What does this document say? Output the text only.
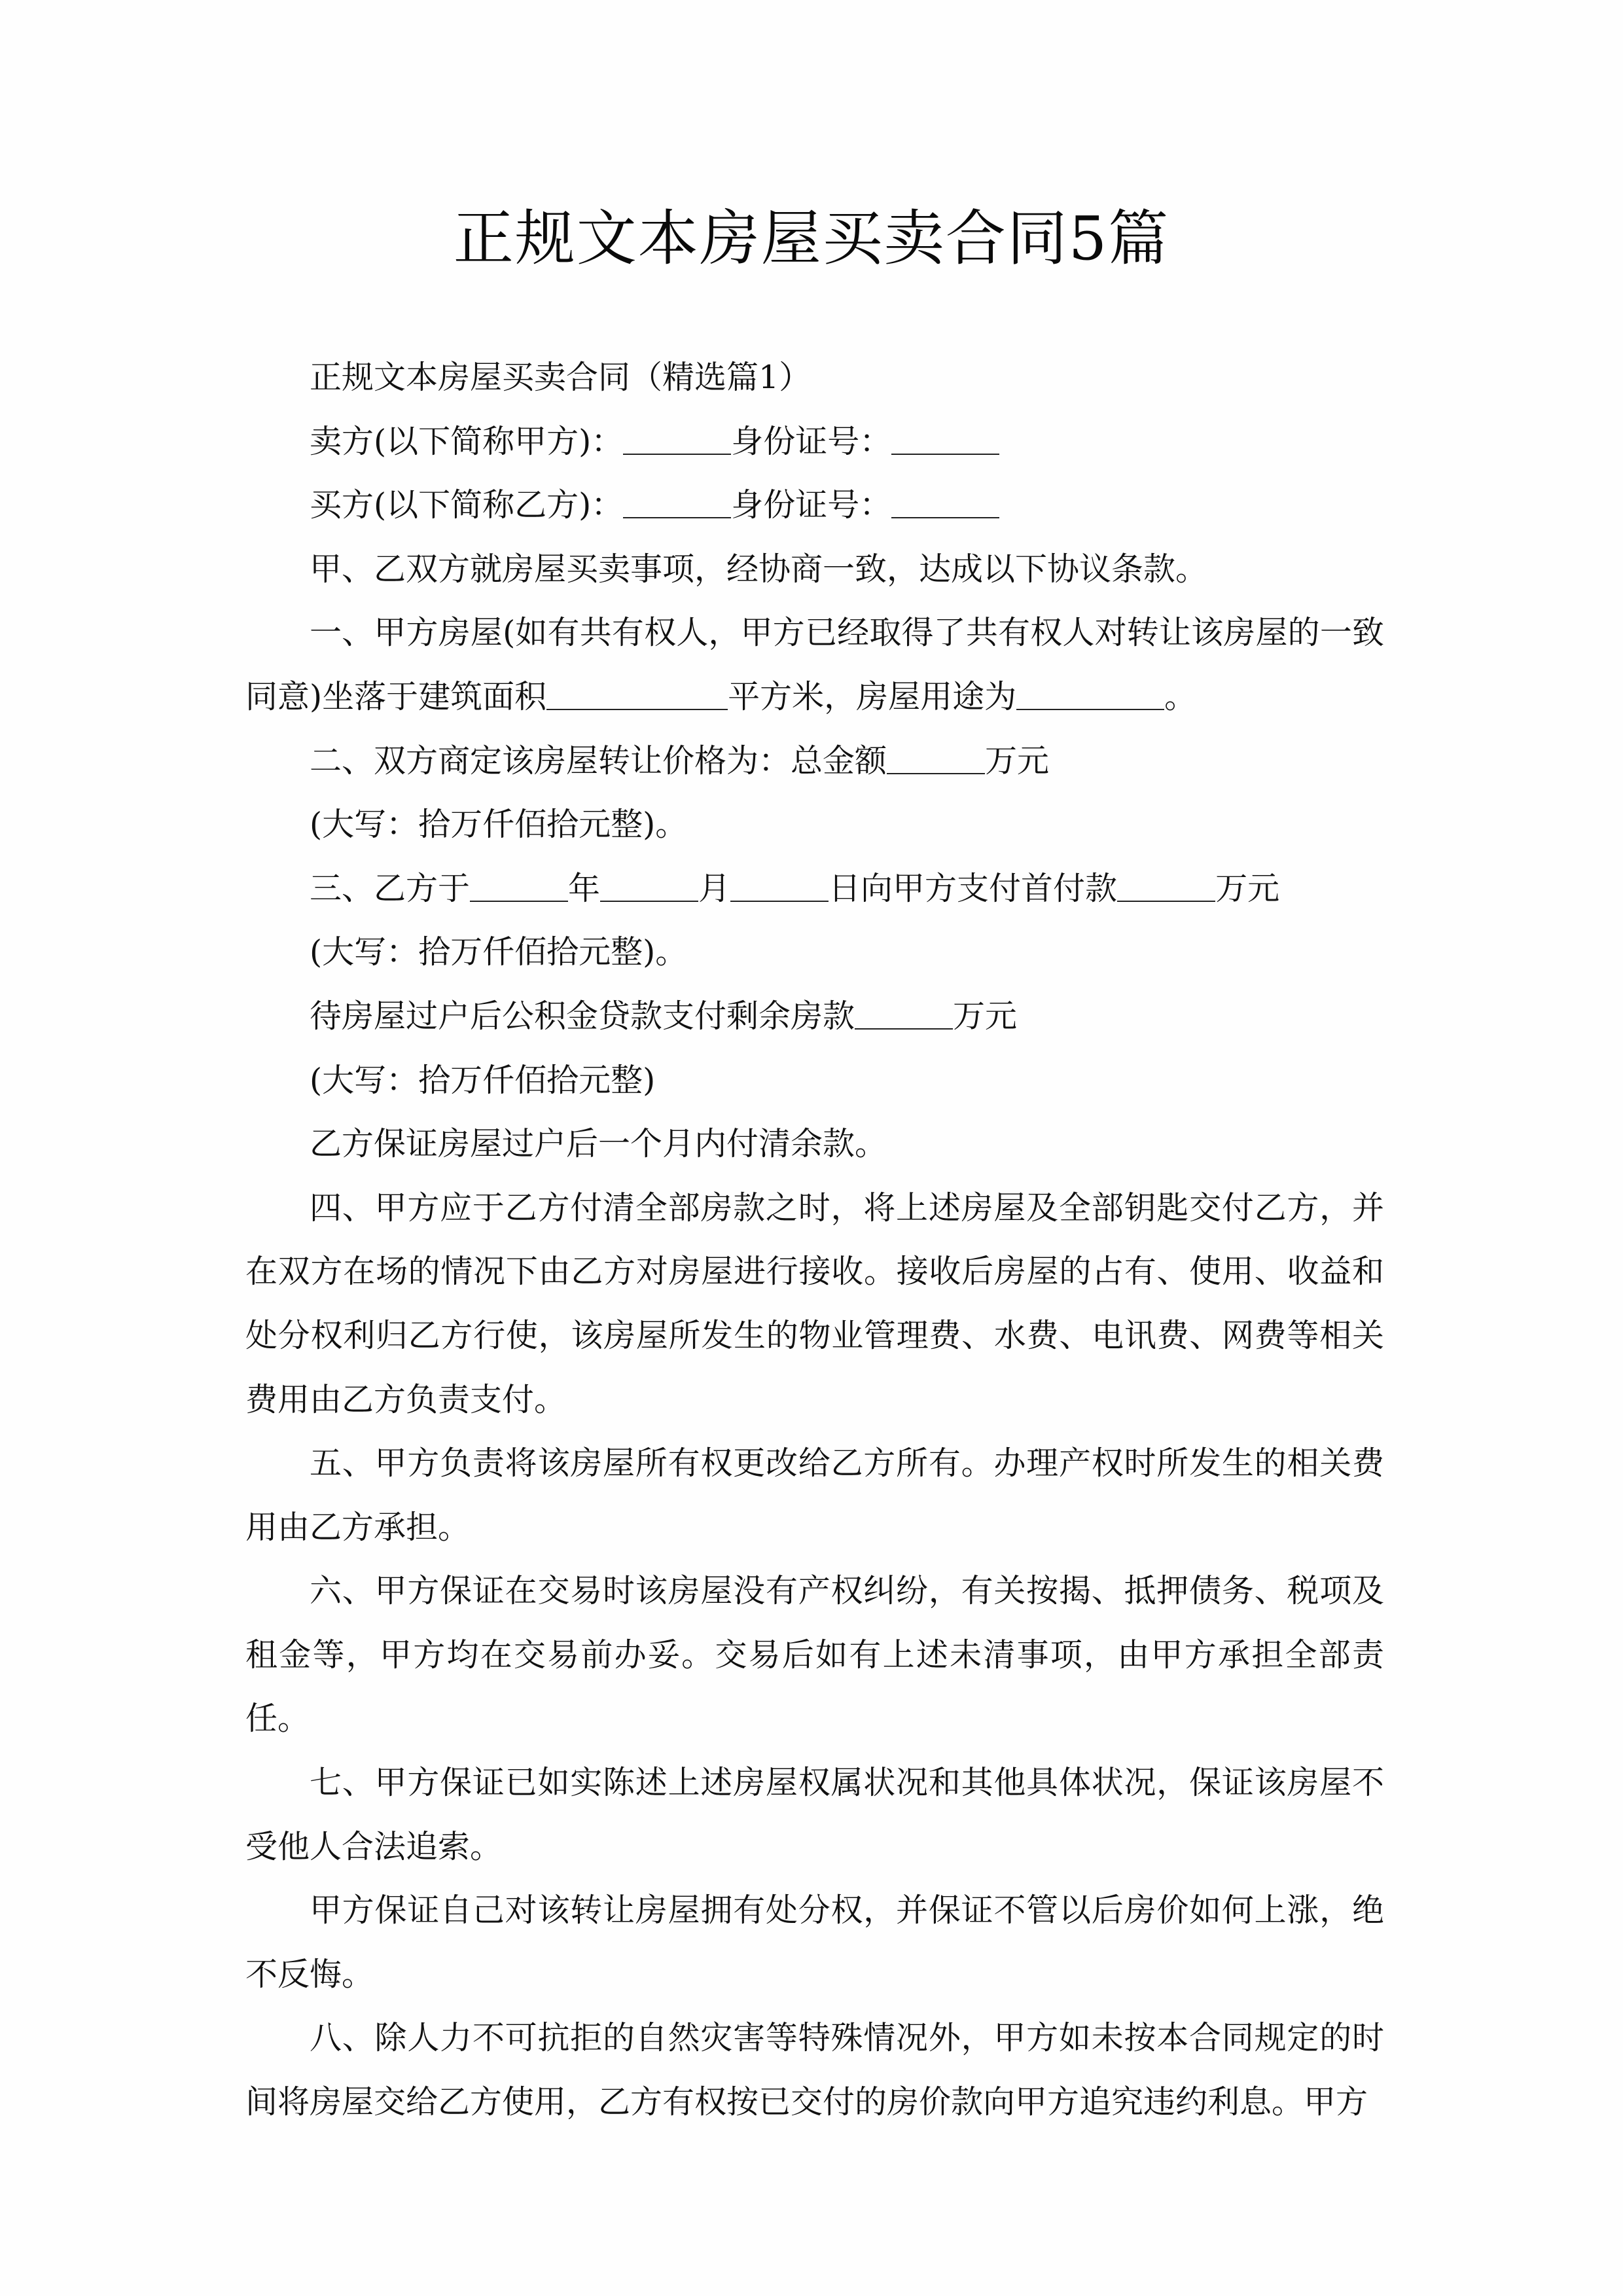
正规文本房屋买卖合同5篇

正规文本房屋买卖合同（精选篇1）

卖方(以下简称甲方)：	身份证号：

买方(以下简称乙方)：	身份证号：

甲、乙双方就房屋买卖事项，经协商一致，达成以下协议条款。

一、甲方房屋(如有共有权人，甲方已经取得了共有权人对转让该房屋的一致同意)坐落于建筑面积	平方米，房屋用途为	。

二、双方商定该房屋转让价格为：总金额	万元

(大写：拾万仟佰拾元整)。

三、乙方于	年	月	日向甲方支付首付款	万元

(大写：拾万仟佰拾元整)。

待房屋过户后公积金贷款支付剩余房款	万元

(大写：拾万仟佰拾元整)

乙方保证房屋过户后一个月内付清余款。

四、甲方应于乙方付清全部房款之时，将上述房屋及全部钥匙交付乙方，并在双方在场的情况下由乙方对房屋进行接收。接收后房屋的占有、使用、收益和处分权利归乙方行使，该房屋所发生的物业管理费、水费、电讯费、网费等相关费用由乙方负责支付。

五、甲方负责将该房屋所有权更改给乙方所有。办理产权时所发生的相关费用由乙方承担。

六、甲方保证在交易时该房屋没有产权纠纷，有关按揭、抵押债务、税项及租金等，甲方均在交易前办妥。交易后如有上述未清事项，由甲方承担全部责任。

七、甲方保证已如实陈述上述房屋权属状况和其他具体状况，保证该房屋不受他人合法追索。

甲方保证自己对该转让房屋拥有处分权，并保证不管以后房价如何上涨，绝不反悔。

八、除人力不可抗拒的自然灾害等特殊情况外，甲方如未按本合同规定的时间将房屋交给乙方使用，乙方有权按已交付的房价款向甲方追究违约利息。甲方
